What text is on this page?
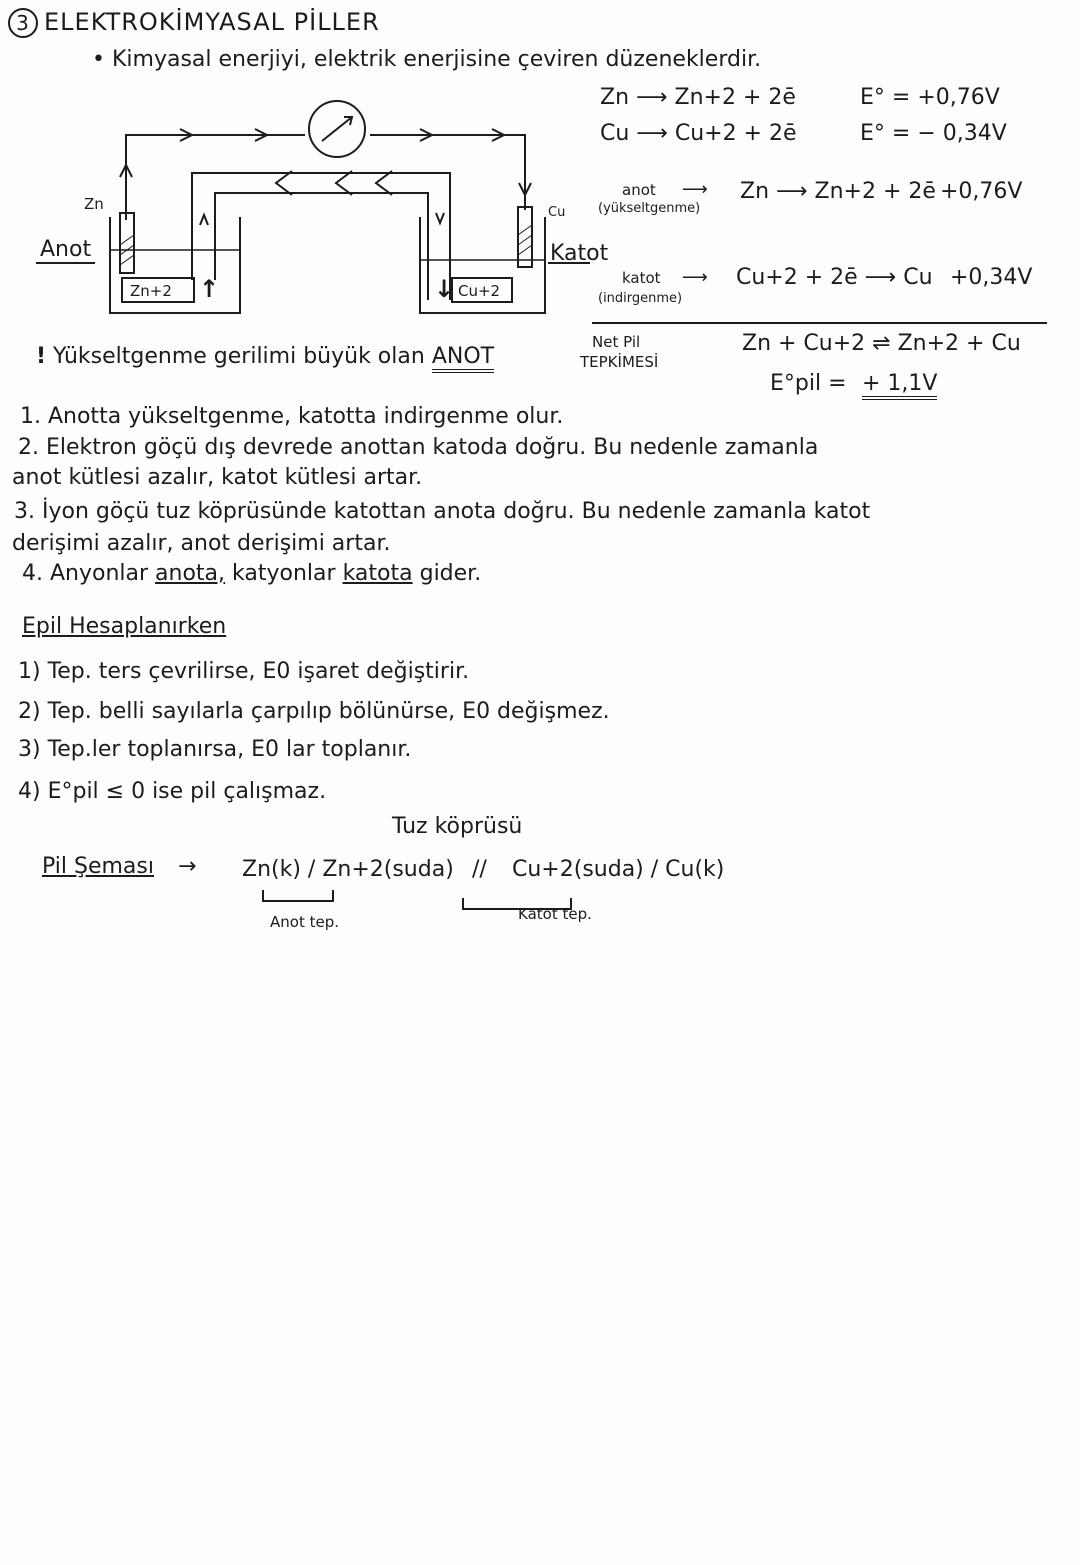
3 ELEKTROKİMYASAL PİLLER
• Kimyasal enerjiyi, elektrik enerjisine çeviren düzeneklerdir.
Zn ⟶ Zn+2 + 2ē	E° = +0,76V
Cu ⟶ Cu+2 + 2ē	E° = − 0,34V
Zn	Cu
Anot	Katot
Zn+2 ↑	↓ Cu+2
anot ⟶
(yükseltgenme)
Zn ⟶ Zn+2 + 2ē +0,76V
katot ⟶
(indirgenme)
Cu+2 + 2ē ⟶ Cu +0,34V
Net Pil
TEPKİMESİ
Zn + Cu+2 ⇌ Zn+2 + Cu
E°pil = + 1,1V
! Yükseltgenme gerilimi büyük olan ANOT
1. Anotta yükseltgenme, katotta indirgenme olur.
2. Elektron göçü dış devrede anottan katoda doğru. Bu nedenle zamanla
anot kütlesi azalır, katot kütlesi artar.
3. İyon göçü tuz köprüsünde katottan anota doğru. Bu nedenle zamanla katot
derişimi azalır, anot derişimi artar.
4. Anyonlar anota, katyonlar katota gider.
Epil Hesaplanırken
1) Tep. ters çevrilirse, E0 işaret değiştirir.
2) Tep. belli sayılarla çarpılıp bölünürse, E0 değişmez.
3) Tep.ler toplanırsa, E0 lar toplanır.
4) E°pil ≤ 0 ise pil çalışmaz.
Tuz köprüsü
Pil Şeması → Zn(k) / Zn+2(suda) // Cu+2(suda) / Cu(k)
Anot tep.	Katot tep.
